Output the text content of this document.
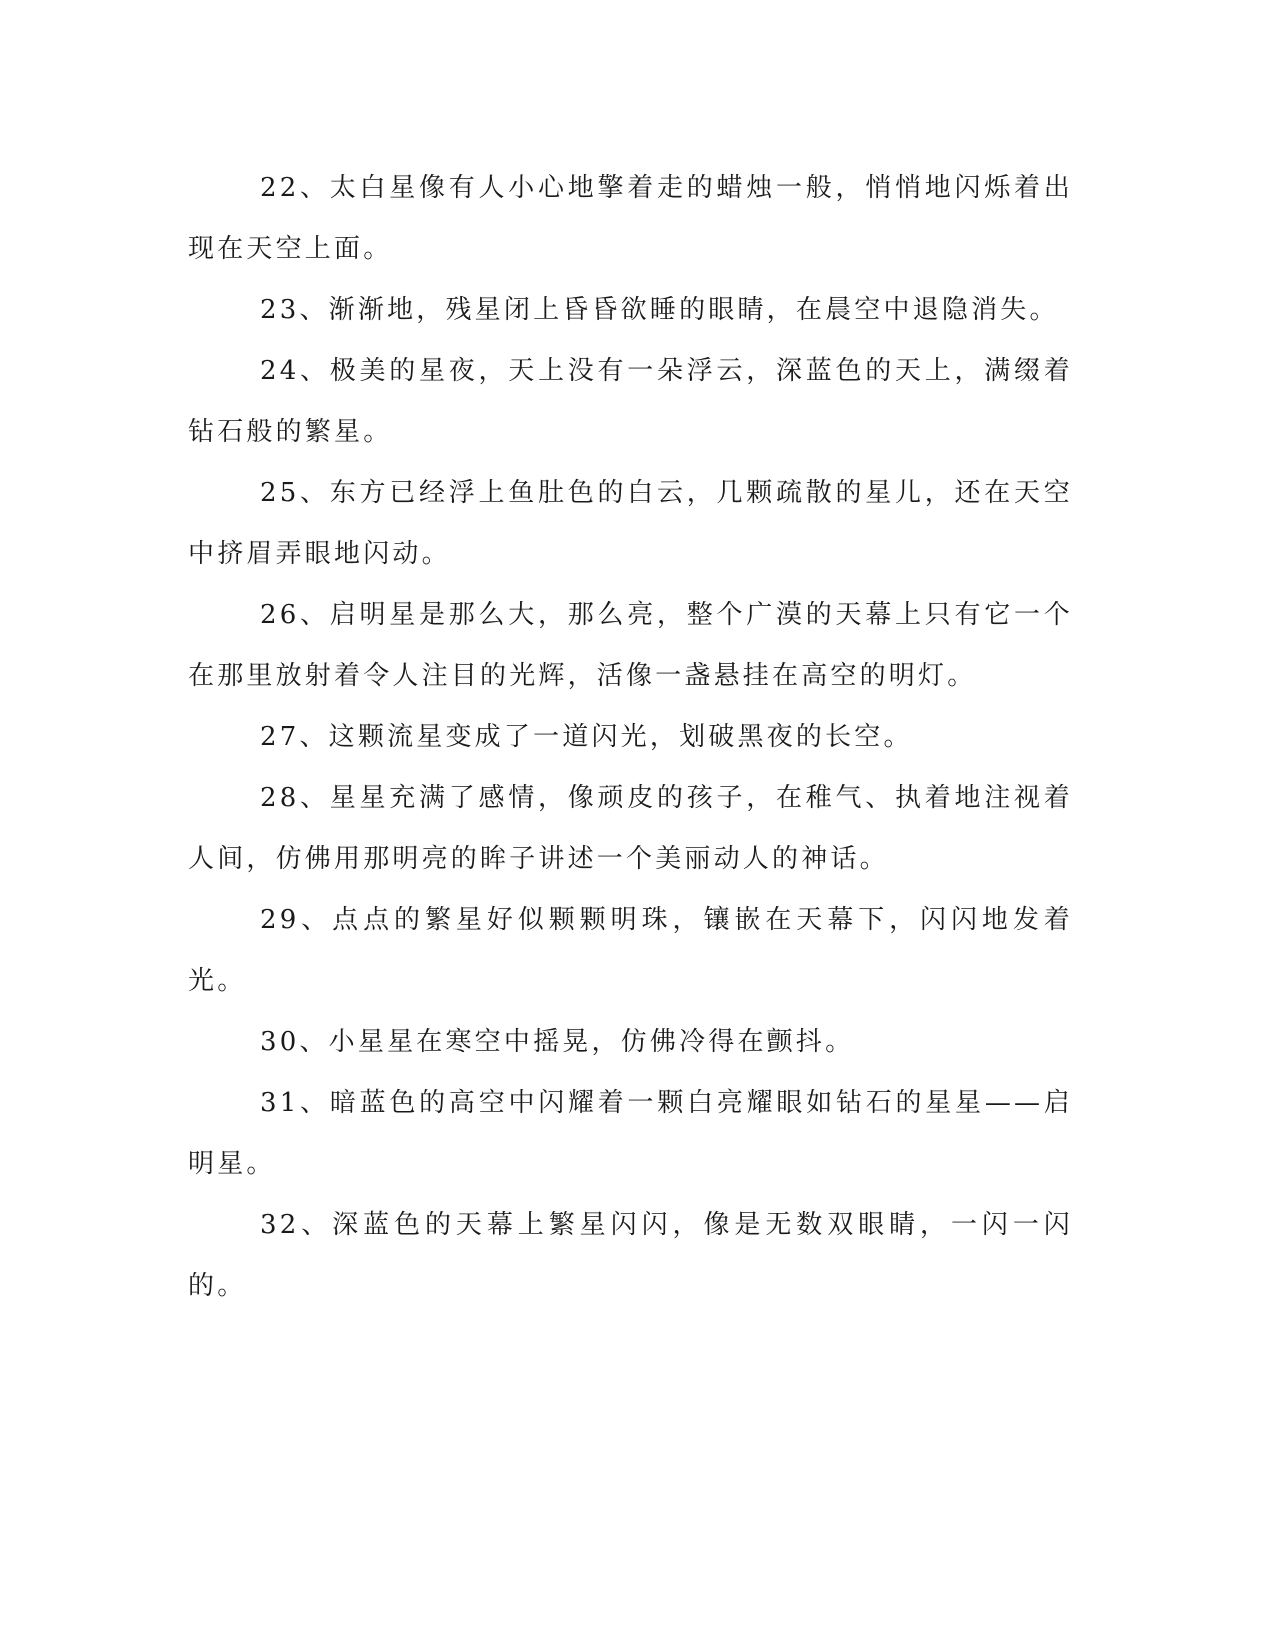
22、太白星像有人小心地擎着走的蜡烛一般，悄悄地闪烁着出现在天空上面。

23、渐渐地，残星闭上昏昏欲睡的眼睛，在晨空中退隐消失。

24、极美的星夜，天上没有一朵浮云，深蓝色的天上，满缀着钻石般的繁星。

25、东方已经浮上鱼肚色的白云，几颗疏散的星儿，还在天空中挤眉弄眼地闪动。

26、启明星是那么大，那么亮，整个广漠的天幕上只有它一个在那里放射着令人注目的光辉，活像一盏悬挂在高空的明灯。

27、这颗流星变成了一道闪光，划破黑夜的长空。

28、星星充满了感情，像顽皮的孩子，在稚气、执着地注视着人间，仿佛用那明亮的眸子讲述一个美丽动人的神话。

29、点点的繁星好似颗颗明珠，镶嵌在天幕下，闪闪地发着光。

30、小星星在寒空中摇晃，仿佛冷得在颤抖。

31、暗蓝色的高空中闪耀着一颗白亮耀眼如钻石的星星——启明星。

32、深蓝色的天幕上繁星闪闪，像是无数双眼睛，一闪一闪的。
